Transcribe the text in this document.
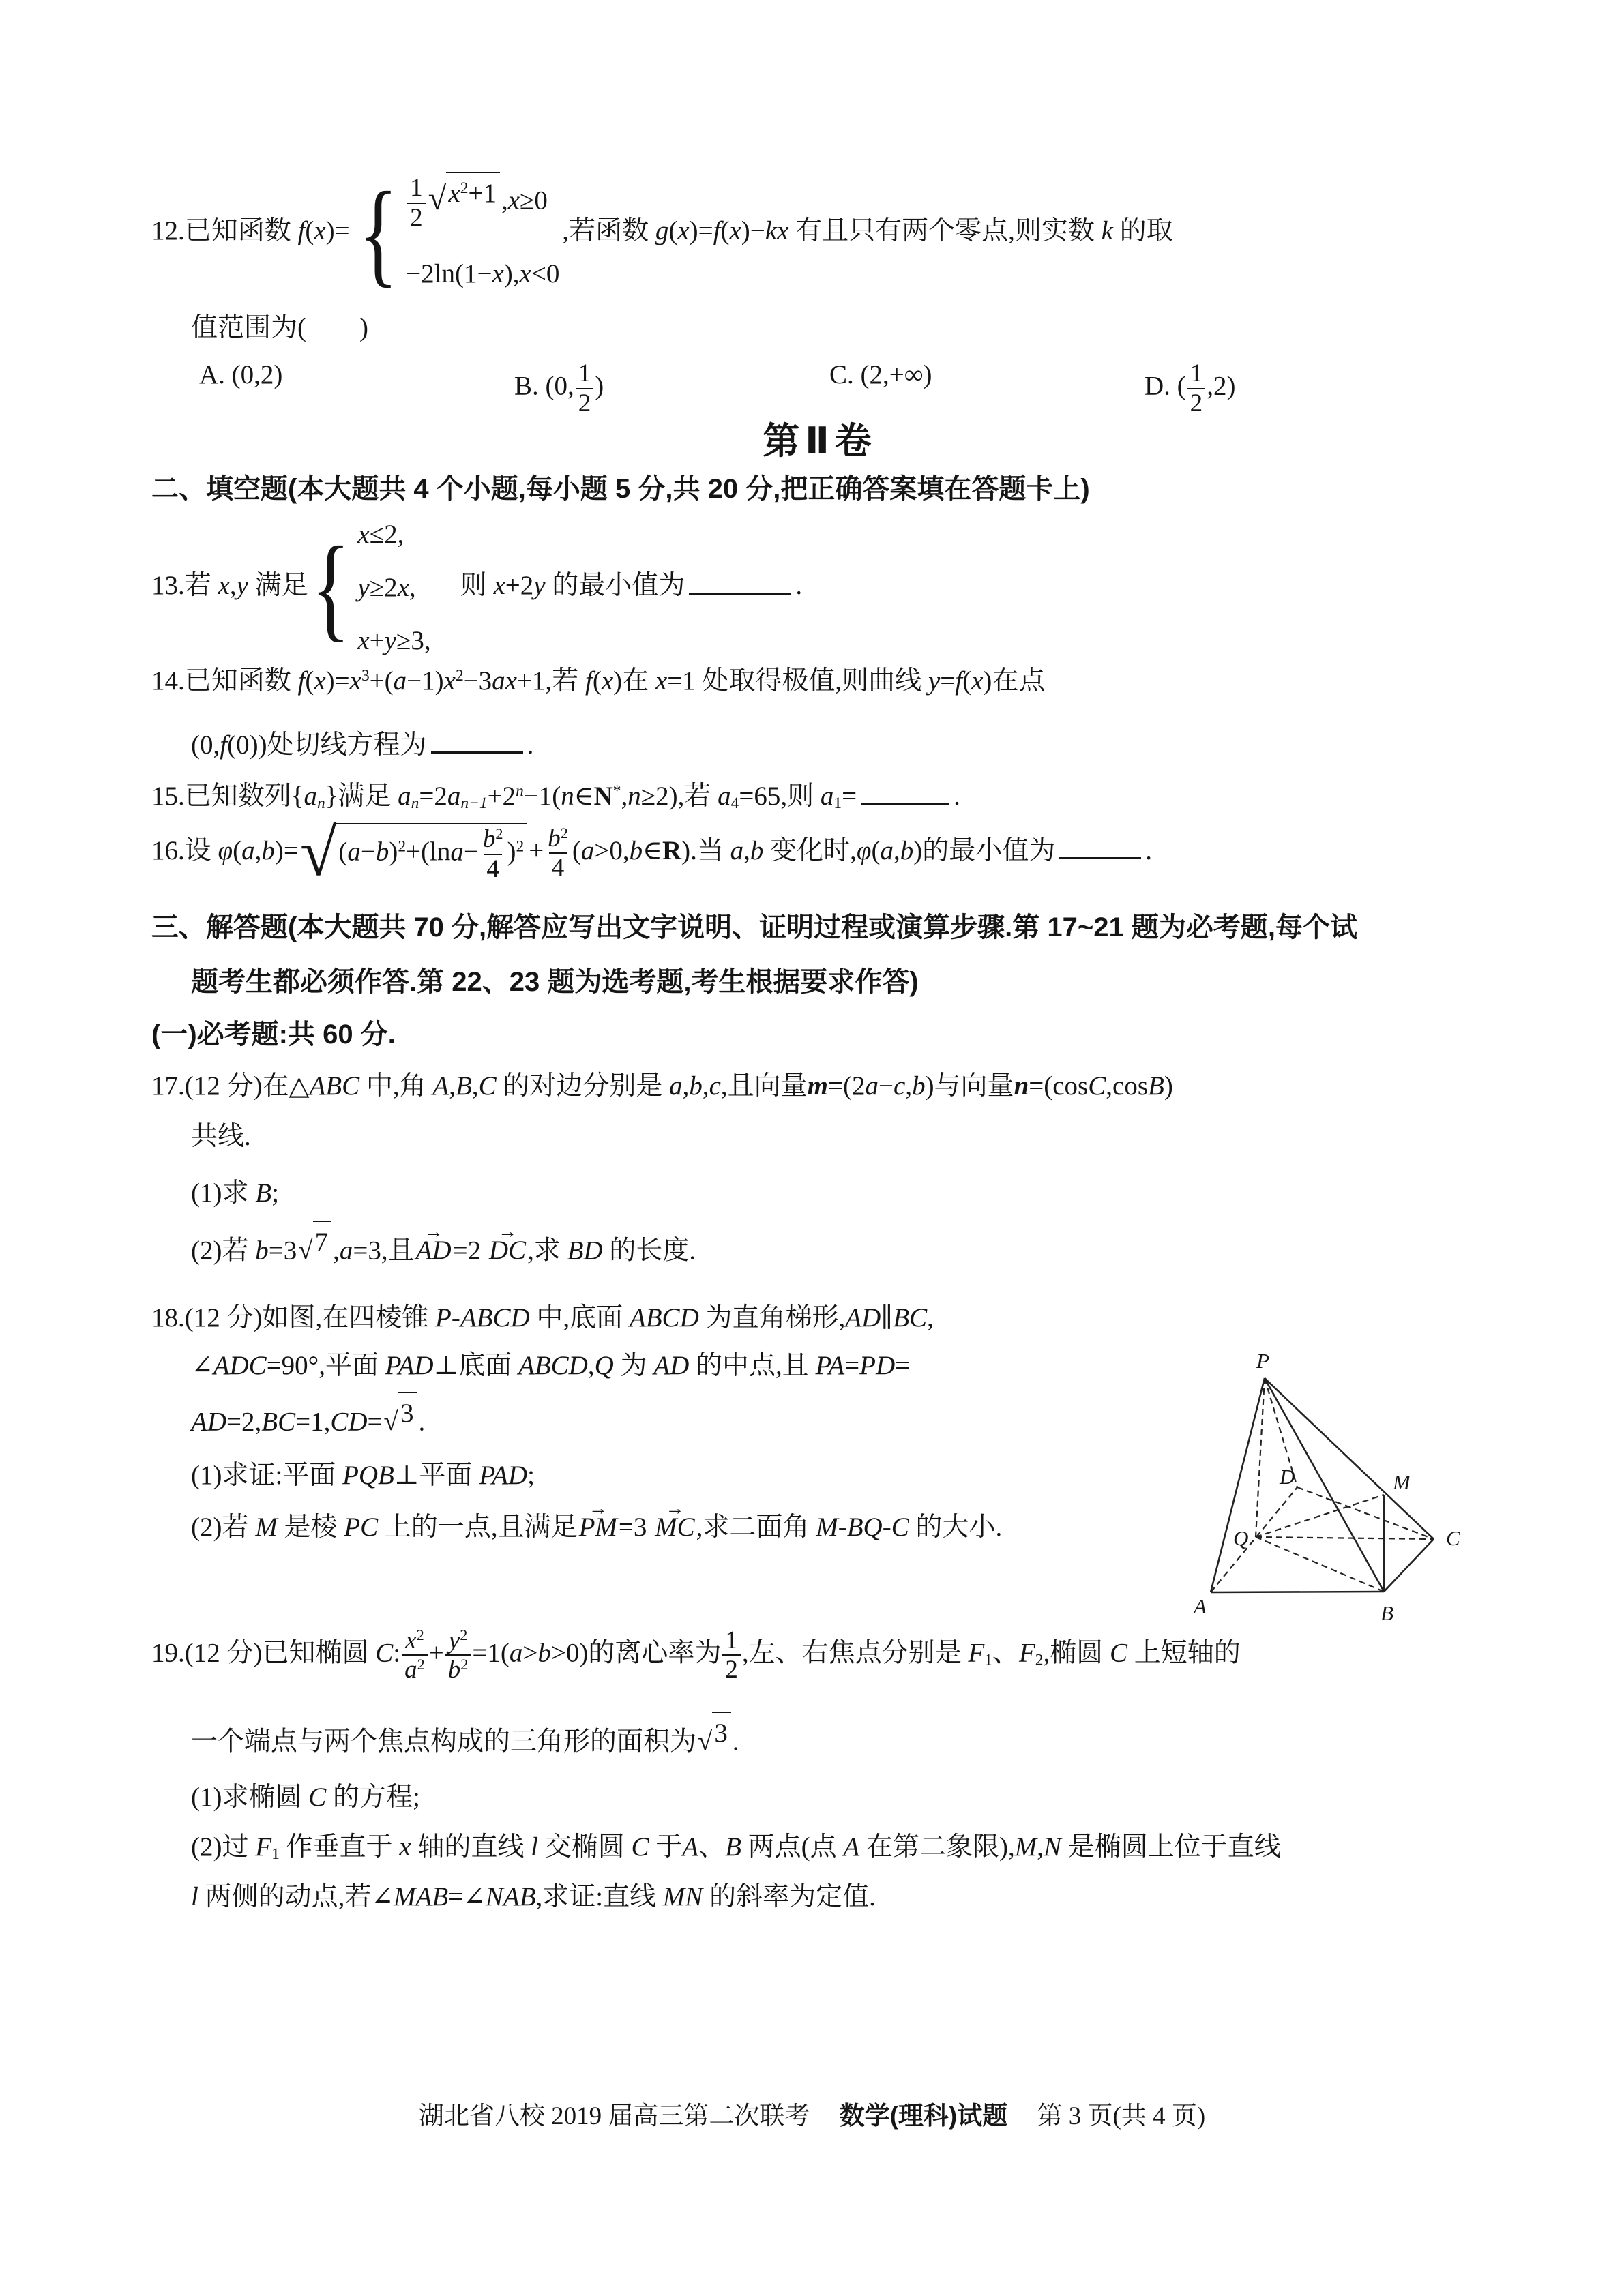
12.已知函数 f(x)= { $\frac{1}{2}$ √ $x^2+1$ ,x≥0
−2ln(1−x),x<0
,若函数 g(x)=f(x)−kx 有且只有两个零点,则实数 k 的取
值范围为(　　)
A. (0,2)	B. (0, $\frac{1}{2}$ )	C. (2,+∞)	D. ( $\frac{1}{2} ,2$)
第Ⅱ卷
二、填空题(本大题共 4 个小题,每小题 5 分,共 20 分,把正确答案填在答题卡上)
13.若 x,y 满足 { x≤2,
y≥2x,
x+y≥3,
　则 x+2y 的最小值为	.
14.已知函数 $f(x)=x^3+(a-1)x^2-3ax+1$,若 f(x)在 x=1 处取得极值,则曲线 y=f(x)在点
(0,f(0))处切线方程为	.
15.已知数列$\{a_n\}$满足 $a_n=2a_{n-1}+2^n-1(n\in N^*,n\ge 2)$,若 $a_4=65$,则 $a_1=$	.
16.设 φ(a,b)= √ $(a-b)^2+(\ln a- \frac{b^2}{4} )^2 + \frac{b^2}{4}$ (a>0,b∈R).当 a,b 变化时,φ(a,b)的最小值为	.
三、解答题(本大题共 70 分,解答应写出文字说明、证明过程或演算步骤.第 17~21 题为必考题,每个试
题考生都必须作答.第 22、23 题为选考题,考生根据要求作答)
(一)必考题:共 60 分.
17.(12 分)在△ABC 中,角 A,B,C 的对边分别是 a,b,c,且向量m=(2a−c,b)与向量n=(cosC,cosB)
共线.
(1)求 B;
(2)若 b=3 √ 7 ,a=3,且→ AD=2 → DC,求 BD 的长度.
18.(12 分)如图,在四棱锥 P-ABCD 中,底面 ABCD 为直角梯形,AD∥BC,
∠ADC=90°,平面 PAD⊥底面 ABCD,Q 为 AD 的中点,且 PA=PD=
AD=2,BC=1,CD= √ 3 .
(1)求证:平面 PQB⊥平面 PAD;
(2)若 M 是棱 PC 上的一点,且满足→ PM=3 → MC,求二面角 M-BQ-C 的大小.
19.(12 分)已知椭圆 C: $\frac{x^2}{a^2} + \frac{y^2}{b^2} =1(a>b>0)$的离心率为 $\frac{1}{2}$ ,左、右焦点分别是 $F_1$、$F_2$,椭圆 C 上短轴的
一个端点与两个焦点构成的三角形的面积为 √ 3 .
(1)求椭圆 C 的方程;
(2)过 $F_1$ 作垂直于 x 轴的直线 l 交椭圆 C 于A、B 两点(点 A 在第二象限),M,N 是椭圆上位于直线
l 两侧的动点,若∠MAB=∠NAB,求证:直线 MN 的斜率为定值.
P
A	B
C
D
Q
M
湖北省八校 2019 届高三第二次联考 数学(理科)试题 第 3 页(共 4 页)
